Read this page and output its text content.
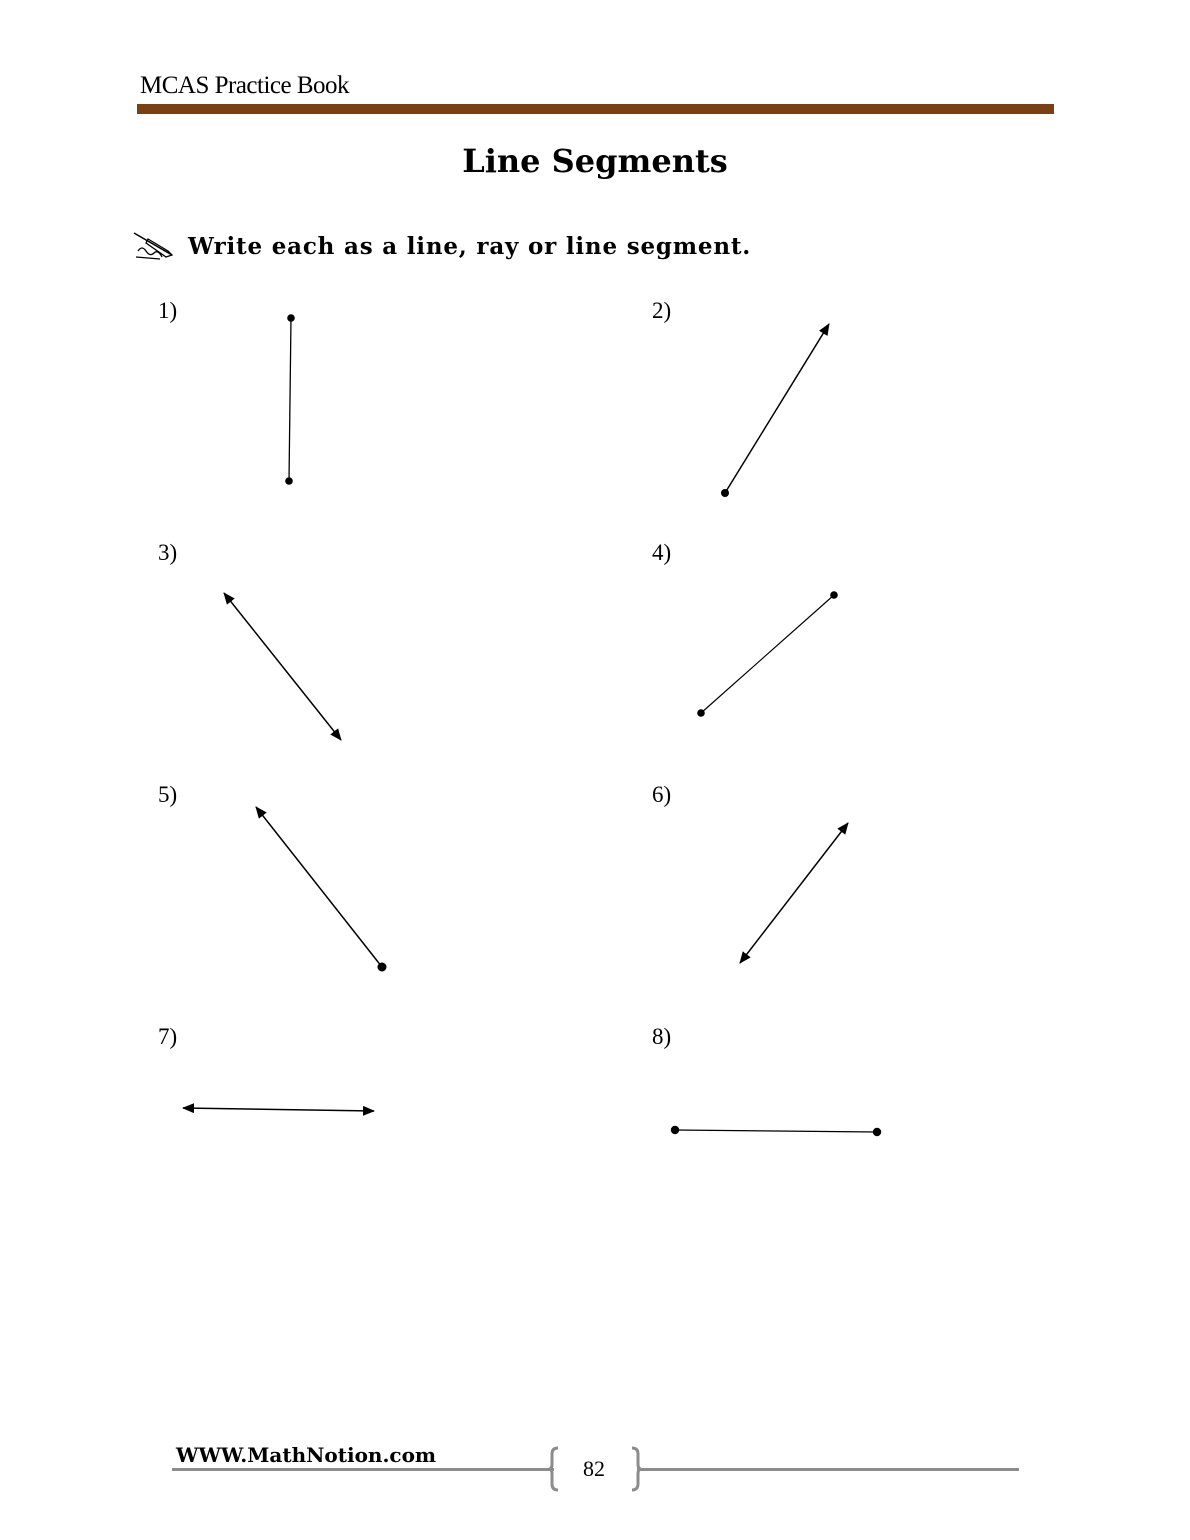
MCAS Practice Book
Line Segments
Write each as a line, ray or line segment.
1)	2)
3)	4)
5)	6)
7)	8)
WWW.MathNotion.com
82
